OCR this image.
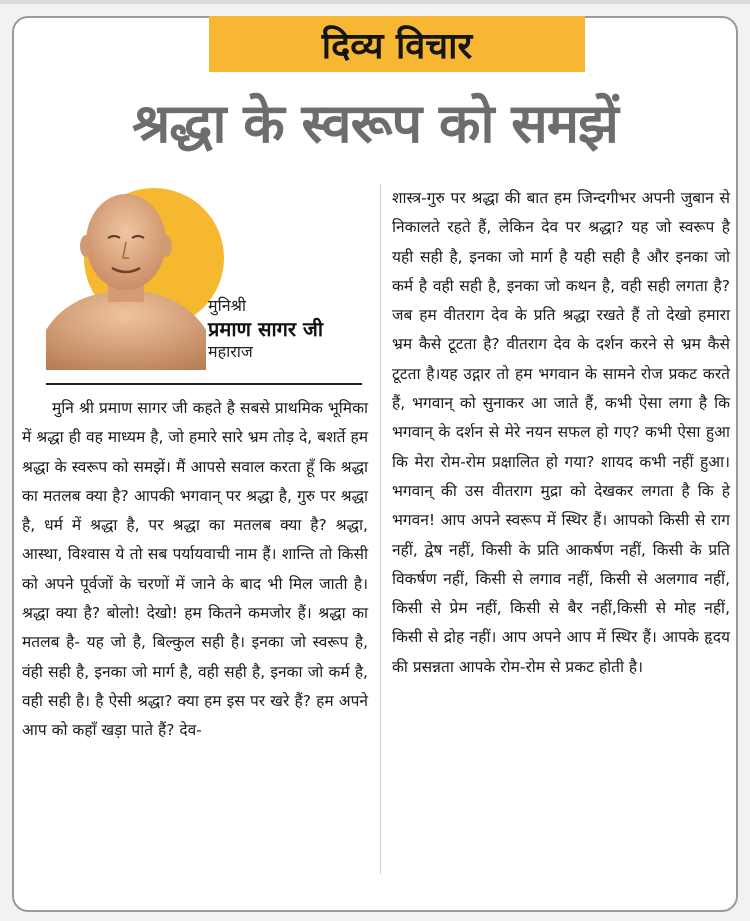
दिव्य विचार
श्रद्धा के स्वरूप को समझें
मुनिश्री
प्रमाण सागर जी
महाराज

मुनि श्री प्रमाण सागर जी कहते है सबसे प्राथमिक भूमिका में श्रद्धा ही वह माध्यम है, जो हमारे सारे भ्रम तोड़ दे, बशर्ते हम श्रद्धा के स्वरूप को समझें। मैं आपसे सवाल करता हूँ कि श्रद्धा का मतलब क्या है? आपकी भगवान् पर श्रद्धा है, गुरु पर श्रद्धा है, धर्म में श्रद्धा है, पर श्रद्धा का मतलब क्या है? श्रद्धा, आस्था, विश्वास ये तो सब पर्यायवाची नाम हैं। शान्ति तो किसी को अपने पूर्वजों के चरणों में जाने के बाद भी मिल जाती है। श्रद्धा क्या है? बोलो! देखो! हम कितने कमजोर हैं। श्रद्धा का मतलब है- यह जो है, बिल्कुल सही है। इनका जो स्वरूप है, वंही सही है, इनका जो मार्ग है, वही सही है, इनका जो कर्म है, वही सही है। है ऐसी श्रद्धा? क्या हम इस पर खरे हैं? हम अपने आप को कहाँ खड़ा पाते हैं? देव-

शास्त्र-गुरु पर श्रद्धा की बात हम जिन्दगीभर अपनी जुबान से निकालते रहते हैं, लेकिन देव पर श्रद्धा? यह जो स्वरूप है यही सही है, इनका जो मार्ग है यही सही है और इनका जो कर्म है वही सही है, इनका जो कथन है, वही सही लगता है? जब हम वीतराग देव के प्रति श्रद्धा रखते हैं तो देखो हमारा भ्रम कैसे टूटता है? वीतराग देव के दर्शन करने से भ्रम कैसे टूटता है।यह उद्गार तो हम भगवान के सामने रोज प्रकट करते हैं, भगवान् को सुनाकर आ जाते हैं, कभी ऐसा लगा है कि भगवान् के दर्शन से मेरे नयन सफल हो गए? कभी ऐसा हुआ कि मेरा रोम-रोम प्रक्षालित हो गया? शायद कभी नहीं हुआ। भगवान् की उस वीतराग मुद्रा को देखकर लगता है कि हे भगवन! आप अपने स्वरूप में स्थिर हैं। आपको किसी से राग नहीं, द्वेष नहीं, किसी के प्रति आकर्षण नहीं, किसी के प्रति विकर्षण नहीं, किसी से लगाव नहीं, किसी से अलगाव नहीं, किसी से प्रेम नहीं, किसी से बैर नहीं,किसी से मोह नहीं, किसी से द्रोह नहीं। आप अपने आप में स्थिर हैं। आपके हृदय की प्रसन्नता आपके रोम-रोम से प्रकट होती है।
